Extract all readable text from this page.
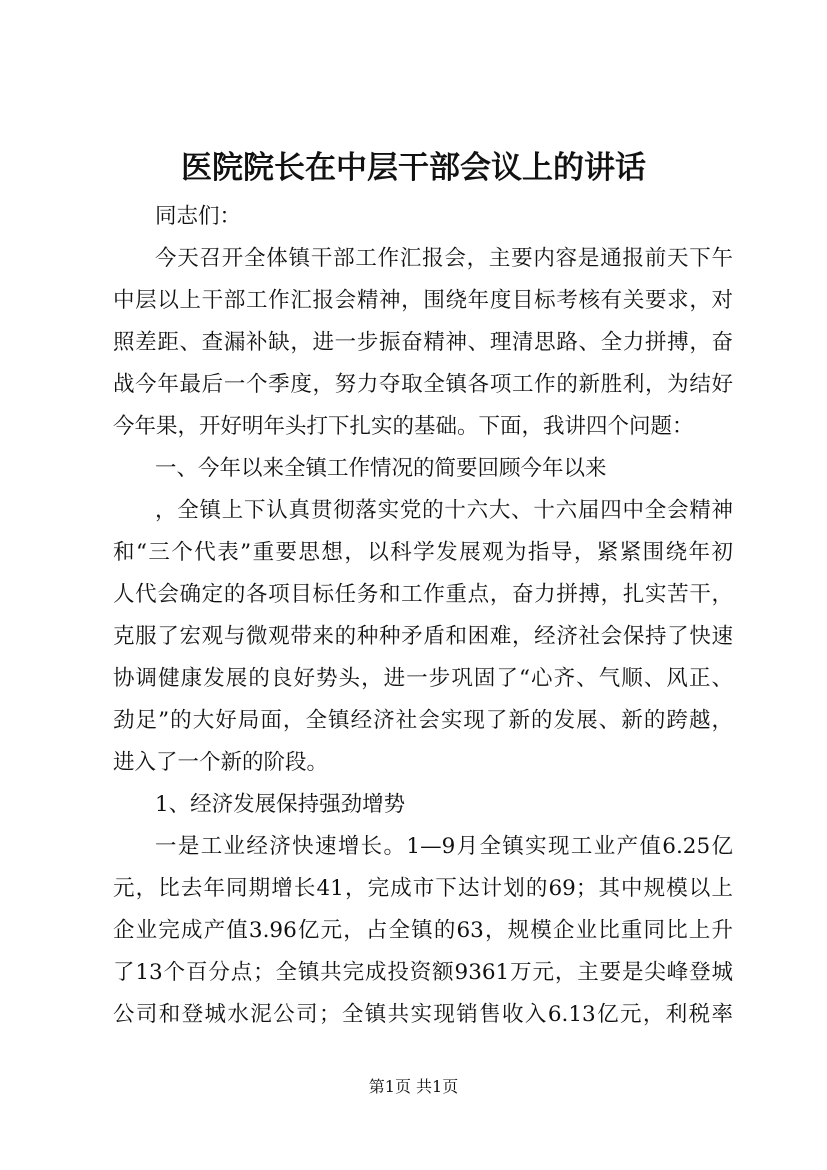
医院院长在中层干部会议上的讲话
同志们：
今天召开全体镇干部工作汇报会，主要内容是通报前天下午
中层以上干部工作汇报会精神，围绕年度目标考核有关要求，对
照差距、查漏补缺，进一步振奋精神、理清思路、全力拼搏，奋
战今年最后一个季度，努力夺取全镇各项工作的新胜利，为结好
今年果，开好明年头打下扎实的基础。下面，我讲四个问题：
一、今年以来全镇工作情况的简要回顾今年以来
，全镇上下认真贯彻落实党的十六大、十六届四中全会精神
和“三个代表”重要思想，以科学发展观为指导，紧紧围绕年初
人代会确定的各项目标任务和工作重点，奋力拼搏，扎实苦干，
克服了宏观与微观带来的种种矛盾和困难，经济社会保持了快速
协调健康发展的良好势头，进一步巩固了“心齐、气顺、风正、
劲足”的大好局面，全镇经济社会实现了新的发展、新的跨越，
进入了一个新的阶段。
1、经济发展保持强劲增势
一是工业经济快速增长。1—9月全镇实现工业产值6.25亿
元，比去年同期增长41，完成市下达计划的69；其中规模以上
企业完成产值3.96亿元，占全镇的63，规模企业比重同比上升
了13个百分点；全镇共完成投资额9361万元，主要是尖峰登城
公司和登城水泥公司；全镇共实现销售收入6.13亿元，利税率
第1页 共1页
